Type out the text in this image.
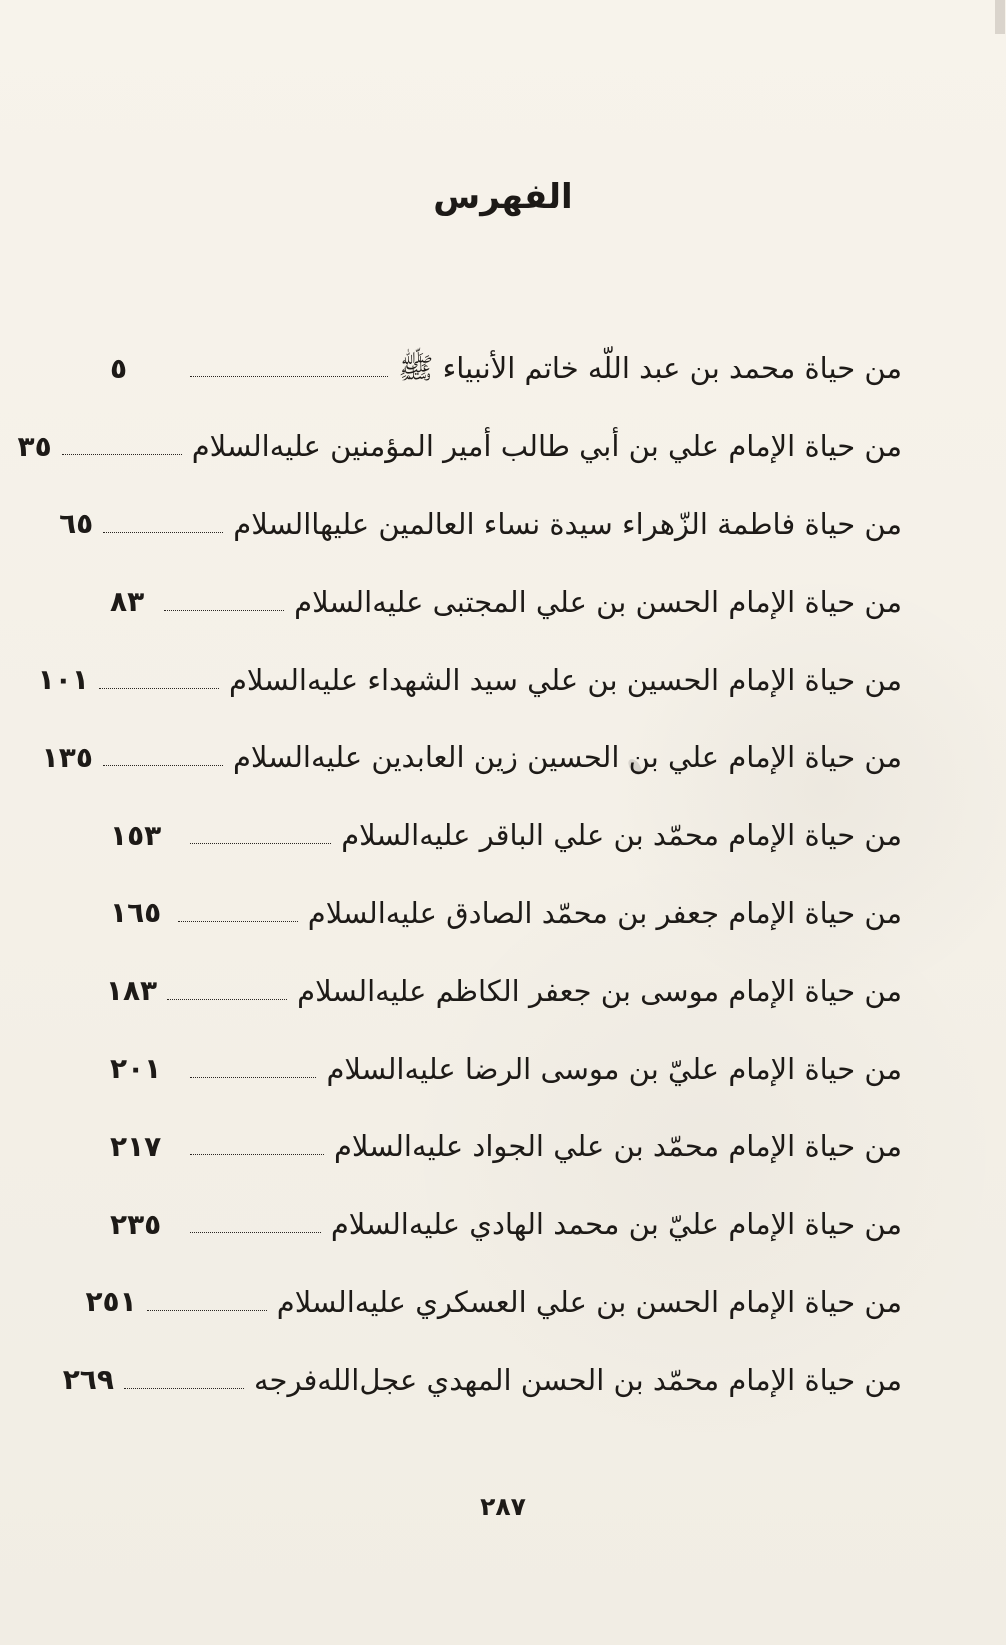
الفهرس
من حياة محمد بن عبد اللّه خاتم الأنبياء ﷺ
٥
من حياة الإمام علي بن أبي طالب أمير المؤمنين عليه‌السلام
٣٥
من حياة فاطمة الزّهراء سيدة نساء العالمين عليها‌السلام
٦٥
من حياة الإمام الحسن بن علي المجتبى عليه‌السلام
٨٣
من حياة الإمام الحسين بن علي سيد الشهداء عليه‌السلام
١٠١
من حياة الإمام علي بن الحسين زين العابدين عليه‌السلام
١٣٥
من حياة الإمام محمّد بن علي الباقر عليه‌السلام
١٥٣
من حياة الإمام جعفر بن محمّد الصادق عليه‌السلام
١٦٥
من حياة الإمام موسى بن جعفر الكاظم عليه‌السلام
١٨٣
من حياة الإمام عليّ بن موسى الرضا عليه‌السلام
٢٠١
من حياة الإمام محمّد بن علي الجواد عليه‌السلام
٢١٧
من حياة الإمام عليّ بن محمد الهادي عليه‌السلام
٢٣٥
من حياة الإمام الحسن بن علي العسكري عليه‌السلام
٢٥١
من حياة الإمام محمّد بن الحسن المهدي عجل‌الله‌فرجه
٢٦٩
٢٨٧
